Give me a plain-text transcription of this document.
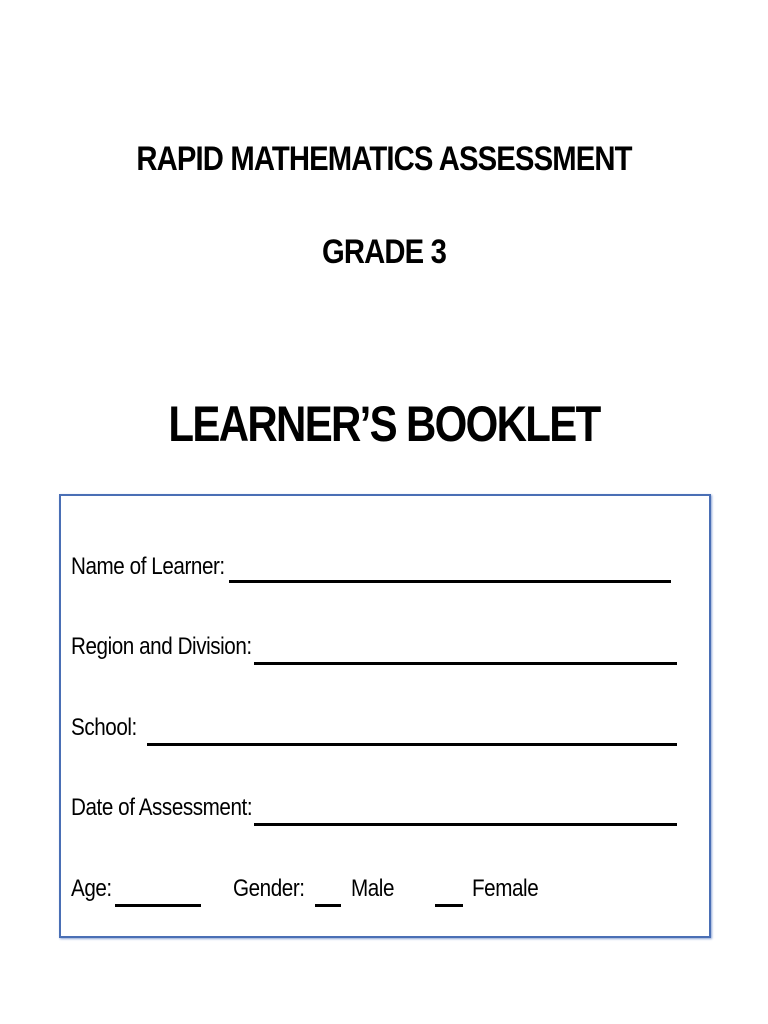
RAPID MATHEMATICS ASSESSMENT
GRADE 3
LEARNER’S BOOKLET
Name of Learner:
Region and Division:
School:
Date of Assessment:
Age:	Gender: Male	Female
